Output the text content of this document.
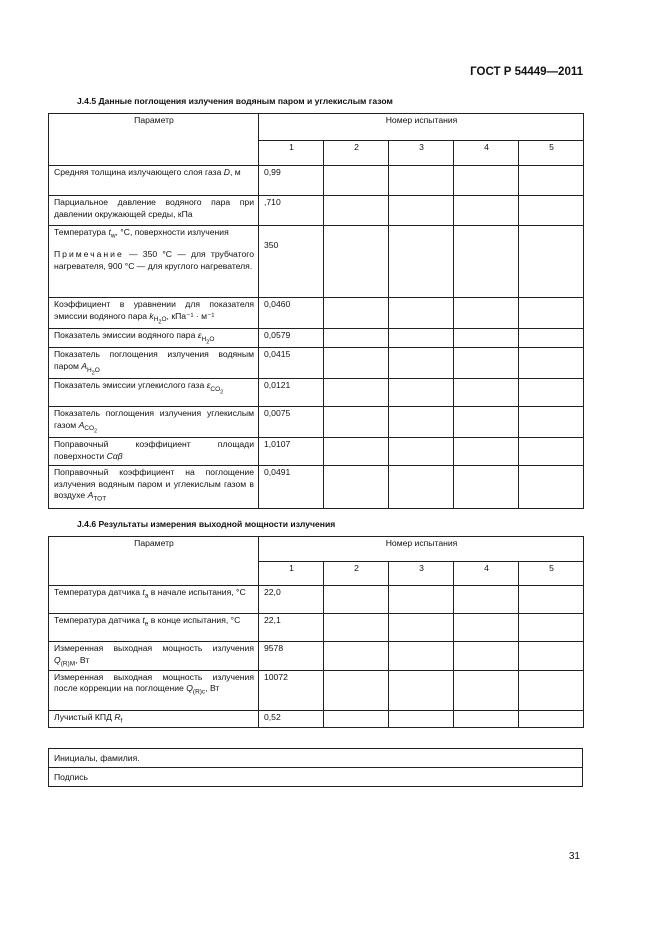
ГОСТ Р 54449—2011
J.4.5 Данные поглощения излучения водяным паром и углекислым газом
Параметр	Номер испытания				
	1	2	3	4	5

Средняя толщина излучающего слоя газа D, м	0,99				

Парциальное давление водяного пара при давлении окружающей среды, кПа	,710				

Температура $t_w$, °C, поверхности излучения
Примечание — 350 °C — для трубчатого нагревателя, 900 °C — для круглого нагревателя.	350				

Коэффициент в уравнении для показателя эмиссии водяного пара $k_{H_2O}$, кПа⁻¹ · м⁻¹	0,0460				

Показатель эмиссии водяного пара $\varepsilon_{H_2O}$	0,0579				

Показатель поглощения излучения водяным паром $A_{H_2O}$	0,0415				

Показатель эмиссии углекислого газа $\varepsilon_{CO_2}$	0,0121				

Показатель поглощения излучения углекислым газом $A_{CO_2}$	0,0075				

Поправочный коэффициент площади поверхности Cαβ	1,0107				

Поправочный коэффициент на поглощение излучения водяным паром и углекислым газом в воздухе $A_{TOT}$	0,0491				
J.4.6 Результаты измерения выходной мощности излучения
Параметр	Номер испытания				
	1	2	3	4	5

Температура датчика $t_a$ в начале испытания, °C	22,0				

Температура датчика $t_e$ в конце испытания, °C	22,1				

Измеренная выходная мощность излучения $Q_{(R)M}$, Вт	9578				

Измеренная выходная мощность излучения после коррекции на поглощение $Q_{(R)c}$, Вт	10072				

Лучистый КПД $R_f$	0,52				
Инициалы, фамилия.
Подпись
31
